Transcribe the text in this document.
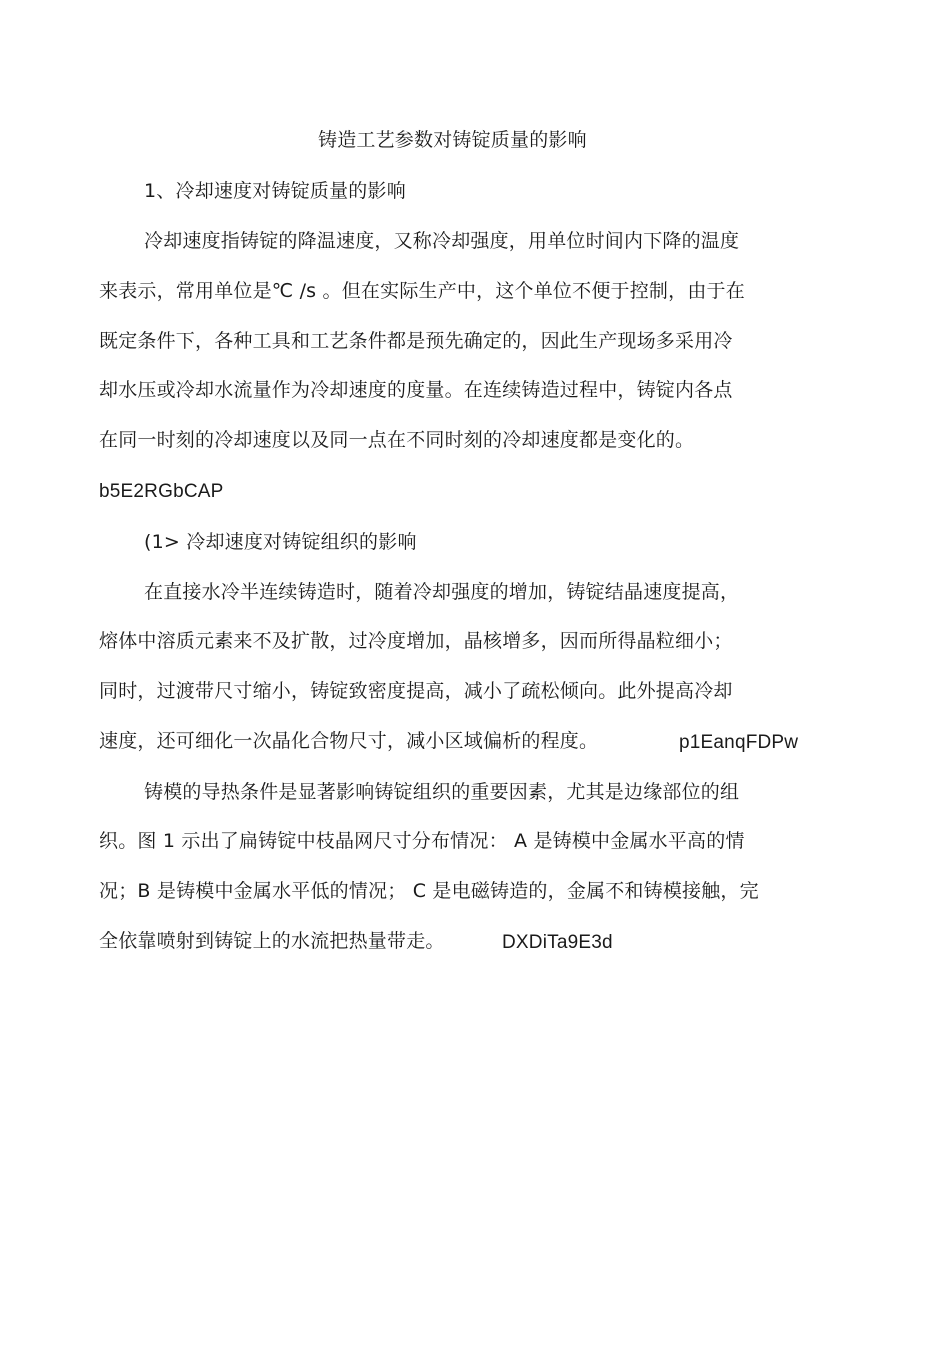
铸造工艺参数对铸锭质量的影响
1、冷却速度对铸锭质量的影响
冷却速度指铸锭的降温速度，又称冷却强度，用单位时间内下降的温度
来表示，常用单位是℃ /s 。但在实际生产中，这个单位不便于控制，由于在
既定条件下，各种工具和工艺条件都是预先确定的，因此生产现场多采用冷
却水压或冷却水流量作为冷却速度的度量。在连续铸造过程中，铸锭内各点
在同一时刻的冷却速度以及同一点在不同时刻的冷却速度都是变化的。
b5E2RGbCAP
(1> 冷却速度对铸锭组织的影响
在直接水冷半连续铸造时，随着冷却强度的增加，铸锭结晶速度提高，
熔体中溶质元素来不及扩散，过冷度增加，晶核增多，因而所得晶粒细小；
同时，过渡带尺寸缩小，铸锭致密度提高，减小了疏松倾向。此外提高冷却
速度，还可细化一次晶化合物尺寸，减小区域偏析的程度。	p1EanqFDPw
铸模的导热条件是显著影响铸锭组织的重要因素，尤其是边缘部位的组
织。图 1 示出了扁铸锭中枝晶网尺寸分布情况： A 是铸模中金属水平高的情
况；B 是铸模中金属水平低的情况； C 是电磁铸造的，金属不和铸模接触，完
全依靠喷射到铸锭上的水流把热量带走。	DXDiTa9E3d
